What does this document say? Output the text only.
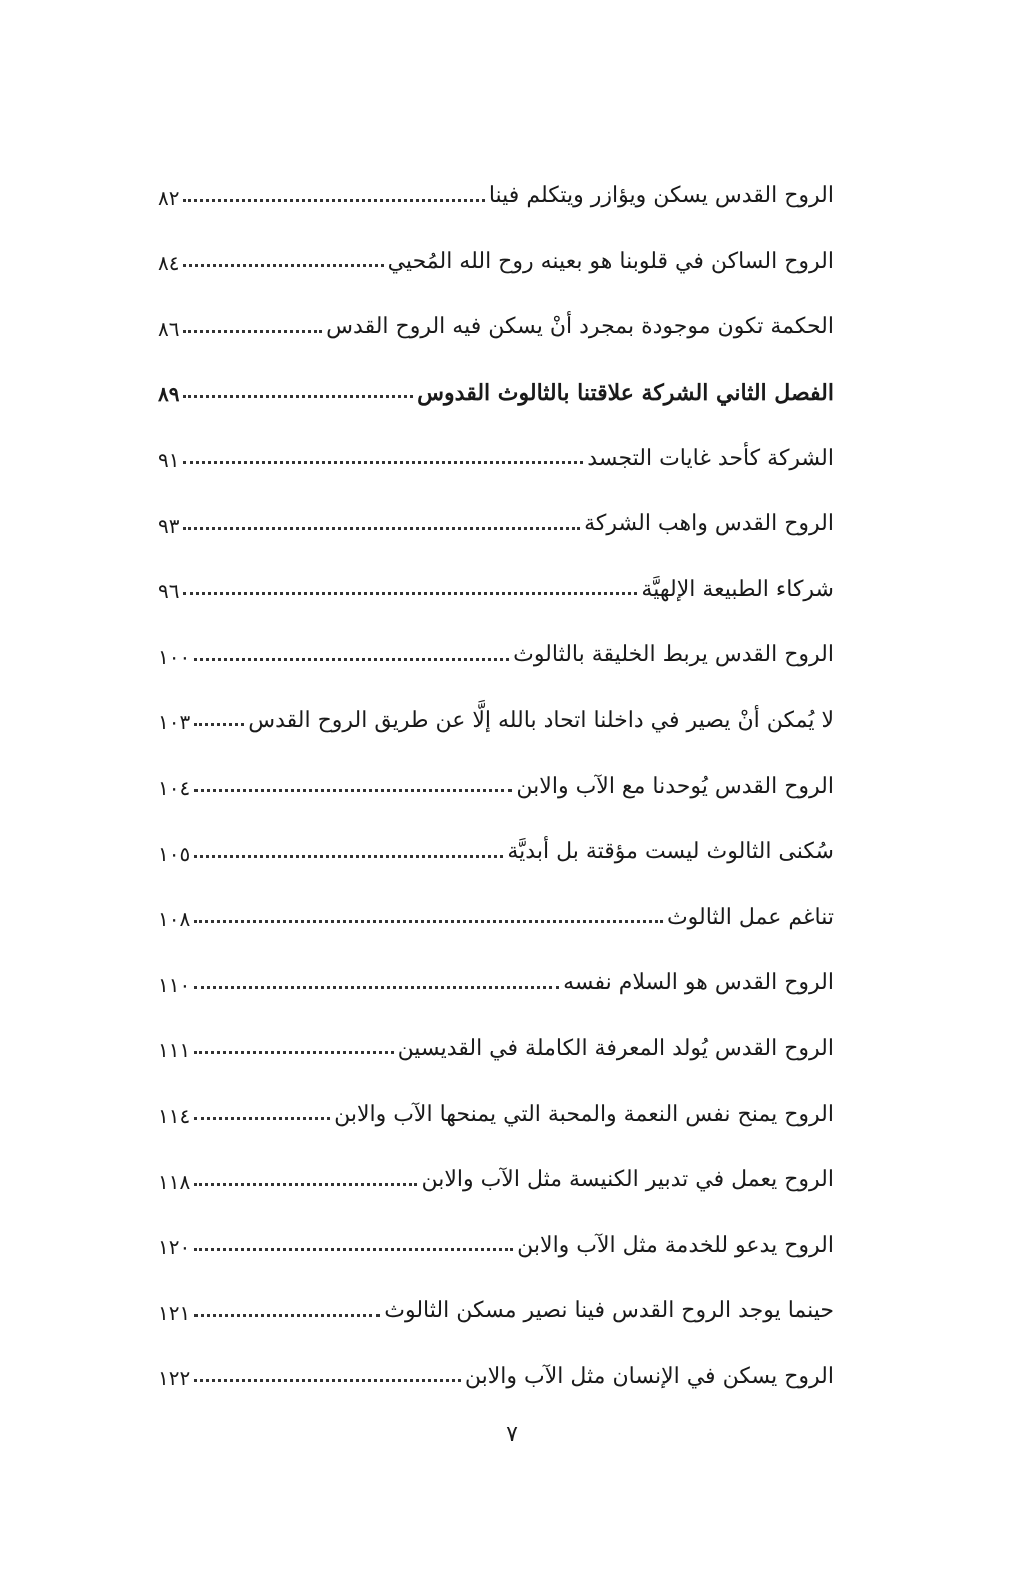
الروح القدس يسكن ويؤازر ويتكلم فينا
٨٢
الروح الساكن في قلوبنا هو بعينه روح الله المُحيي
٨٤
الحكمة تكون موجودة بمجرد أنْ يسكن فيه الروح القدس
٨٦
الفصل الثاني الشركة علاقتنا بالثالوث القدوس
٨٩
الشركة كأحد غايات التجسد
٩١
الروح القدس واهب الشركة
٩٣
شركاء الطبيعة الإلهيَّة
٩٦
الروح القدس يربط الخليقة بالثالوث
١٠٠
لا يُمكن أنْ يصير في داخلنا اتحاد بالله إلَّا عن طريق الروح القدس
١٠٣
الروح القدس يُوحدنا مع الآب والابن
١٠٤
سُكنى الثالوث ليست مؤقتة بل أبديَّة
١٠٥
تناغم عمل الثالوث
١٠٨
الروح القدس هو السلام نفسه
١١٠
الروح القدس يُولد المعرفة الكاملة في القديسين
١١١
الروح يمنح نفس النعمة والمحبة التي يمنحها الآب والابن
١١٤
الروح يعمل في تدبير الكنيسة مثل الآب والابن
١١٨
الروح يدعو للخدمة مثل الآب والابن
١٢٠
حينما يوجد الروح القدس فينا نصير مسكن الثالوث
١٢١
الروح يسكن في الإنسان مثل الآب والابن
١٢٢
٧
